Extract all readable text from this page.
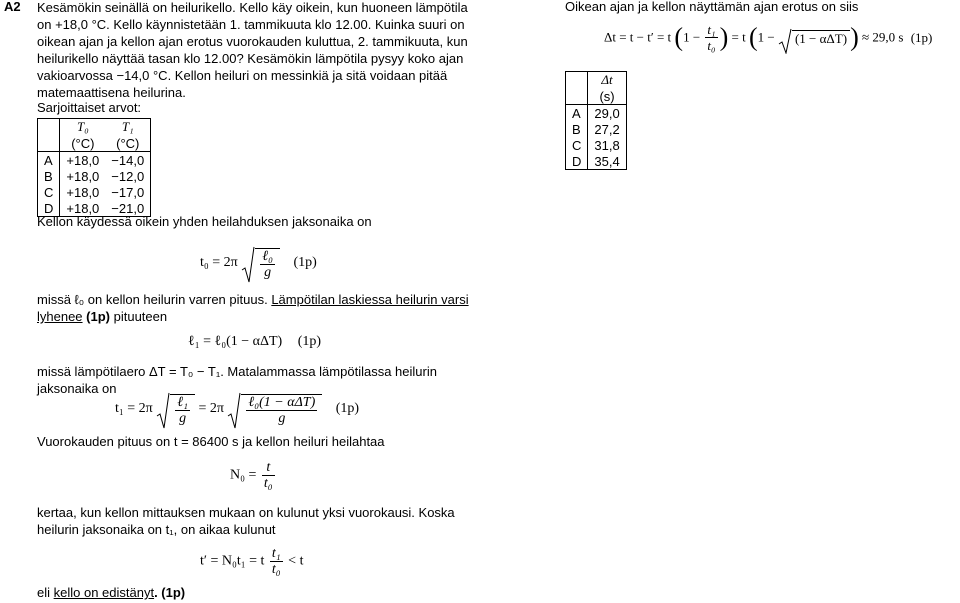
A2 Kesämökin seinällä on heilurikello. Kello käy oikein, kun huoneen lämpötila on +18,0 °C. Kello käynnistetään 1. tammikuuta klo 12.00. Kuinka suuri on oikean ajan ja kellon ajan erotus vuorokauden kuluttua, 2. tammikuuta, kun heilurikello näyttää tasan klo 12.00? Kesämökin lämpötila pysyy koko ajan vakioarvossa −14,0 °C. Kellon heiluri on messinkiä ja sitä voidaan pitää matemaattisena heilurina.

Sarjoittaiset arvot:
	T₀	T₁
	(°C)	(°C)
A	+18,0	−14,0
B	+18,0	−12,0
C	+18,0	−17,0
D	+18,0	−21,0
Kellon käydessä oikein yhden heilahduksen jaksonaika on
$t_0 = 2\pi \frac{\text{ℓ₀}}{g} (1p)$

missä ℓ₀ on kellon heilurin varren pituus. Lämpötilan laskiessa heilurin varsi lyhenee (1p) pituuteen

ℓ₁ = ℓ₀(1 − αΔT) (1p)

missä lämpötilaero ΔT = T₀ − T₁. Matalammassa lämpötilassa heilurin jaksonaika on

$t_1 = 2\pi \frac{\text{ℓ₁}}{g} = 2\pi \frac{\text{ℓ₀(1 − αΔT)}}{g} (1p)$
Vuorokauden pituus on t = 86400 s ja kellon heiluri heilahtaa
$N_0 = \frac{t}{\text{t₀}}$

kertaa, kun kellon mittauksen mukaan on kulunut yksi vuorokausi. Koska heilurin jaksonaika on t₁, on aikaa kulunut

t′ = N₀t₁ = t $\frac{\text{t₁}}{\text{t₀}} < t$
eli kello on edistänyt. (1p)
Oikean ajan ja kellon näyttämän ajan erotus on siis
Δt = t − t′ = t ($1 - \frac{\text{t₁}}{\text{t₀}}$ ) = t (1 − (1 − αΔT) ) ≈ 29,0 s (1p)
	Δt
	(s)
A	29,0
B	27,2
C	31,8
D	35,4
